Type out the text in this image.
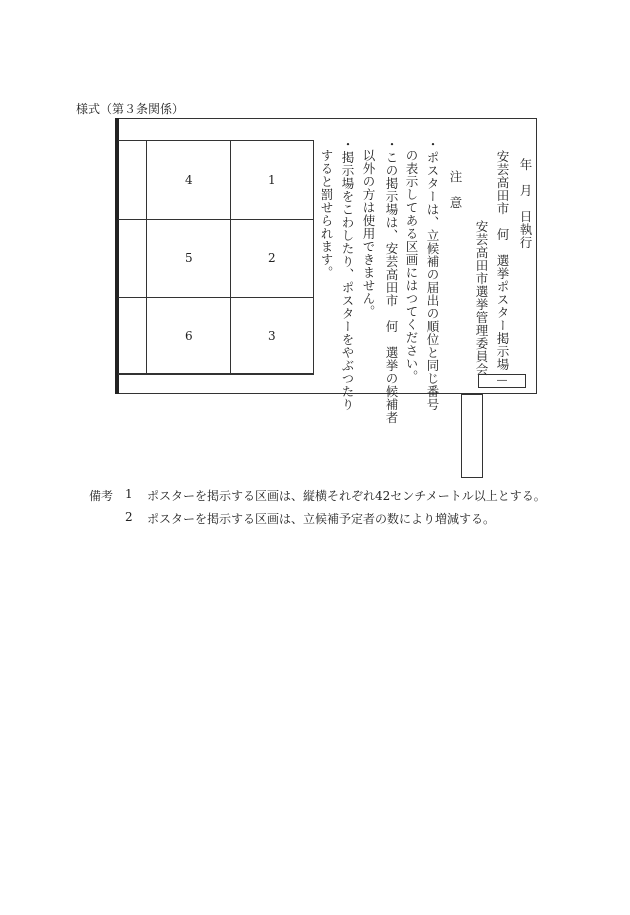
様式（第３条関係）
1
2
3
4
5
6
年　月　日執行
安芸高田市　何　選挙ポスター掲示場
安芸高田市選挙管理委員会
―
注　意
・ポスターは、立候補の届出の順位と同じ番号
の表示してある区画にはつてください。
・この掲示場は、安芸高田市　何　選挙の候補者
以外の方は使用できません。
・掲示場をこわしたり、ポスターをやぶつたり
すると罰せられます。
備考 1 ポスターを掲示する区画は、縦横それぞれ42センチメートル以上とする。
2 ポスターを掲示する区画は、立候補予定者の数により増減する。
